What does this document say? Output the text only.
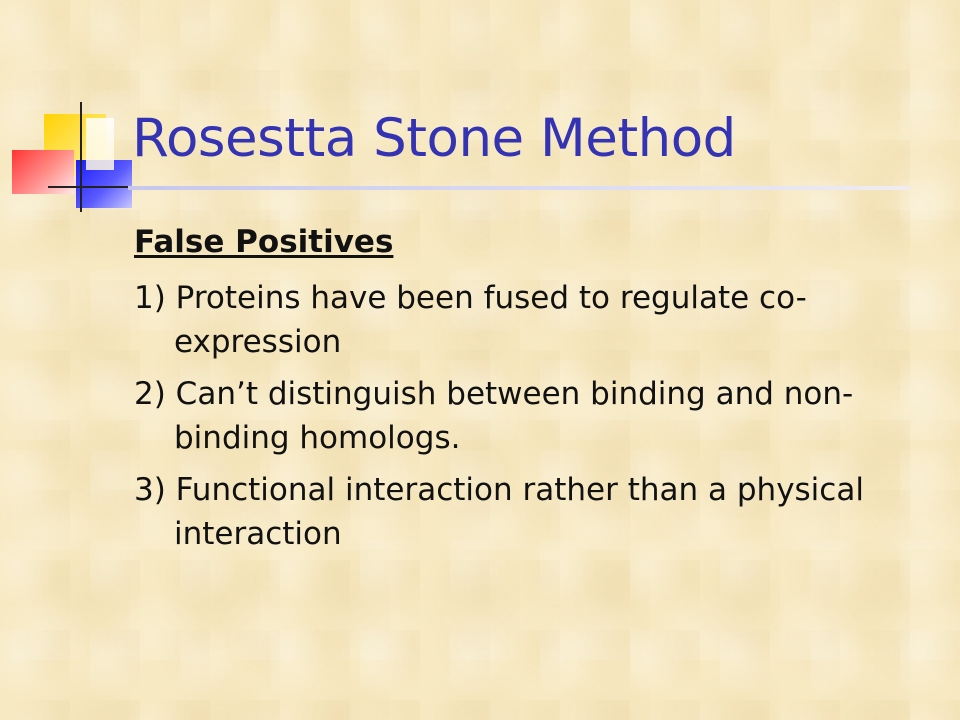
Rosestta Stone Method

False Positives

1) Proteins have been fused to regulate co-expression

2) Can’t distinguish between binding and non-binding homologs.

3) Functional interaction rather than a physical interaction
